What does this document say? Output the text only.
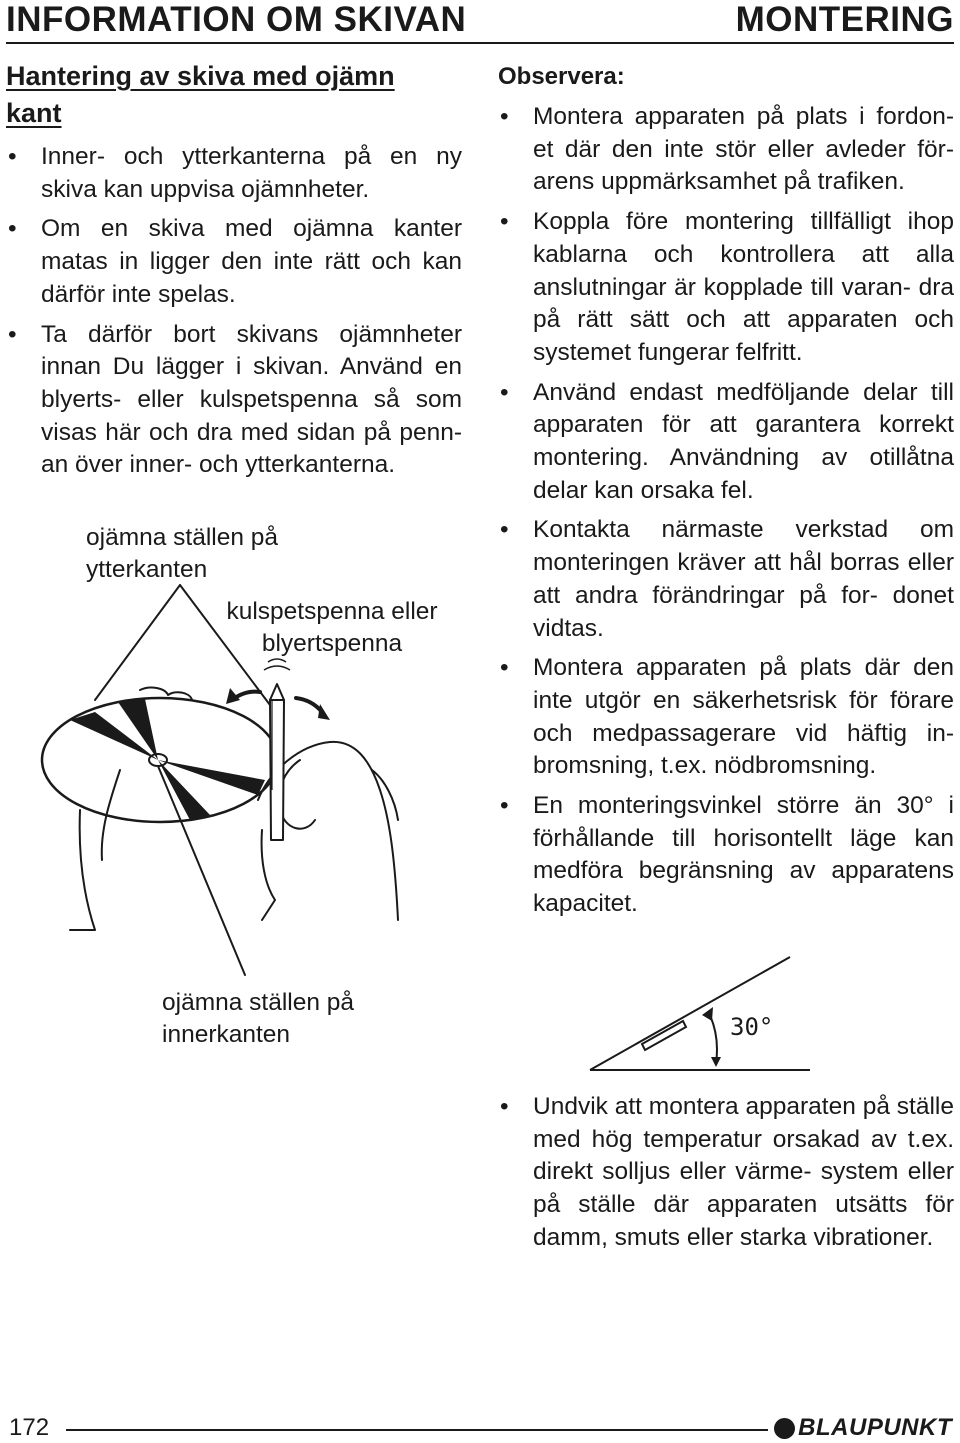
INFORMATION OM SKIVAN	MONTERING
Hantering av skiva med ojämn kant
• Inner- och ytterkanterna på en ny skiva kan uppvisa ojämnheter.
• Om en skiva med ojämna kanter matas in ligger den inte rätt och kan därför inte spelas.
• Ta därför bort skivans ojämnheter innan Du lägger i skivan. Använd en blyerts- eller kulspetspenna så som visas här och dra med sidan på penn- an över inner- och ytterkanterna.
ojämna ställen på ytterkanten
kulspetspenna eller blyertspenna
ojämna ställen på innerkanten
Observera:
• Montera apparaten på plats i fordon- et där den inte stör eller avleder för- arens uppmärksamhet på trafiken.
• Koppla före montering tillfälligt ihop kablarna och kontrollera att alla anslutningar är kopplade till varan- dra på rätt sätt och att apparaten och systemet fungerar felfritt.
• Använd endast medföljande delar till apparaten för att garantera korrekt montering. Användning av otillåtna delar kan orsaka fel.
• Kontakta närmaste verkstad om monteringen kräver att hål borras eller att andra förändringar på for- donet vidtas.
• Montera apparaten på plats där den inte utgör en säkerhetsrisk för förare och medpassagerare vid häftig in- bromsning, t.ex. nödbromsning.
• En monteringsvinkel större än 30° i förhållande till horisontellt läge kan medföra begränsning av apparatens kapacitet.
30°
• Undvik att montera apparaten på ställe med hög temperatur orsakad av t.ex. direkt solljus eller värme- system eller på ställe där apparaten utsätts för damm, smuts eller starka vibrationer.
172	BLAUPUNKT
